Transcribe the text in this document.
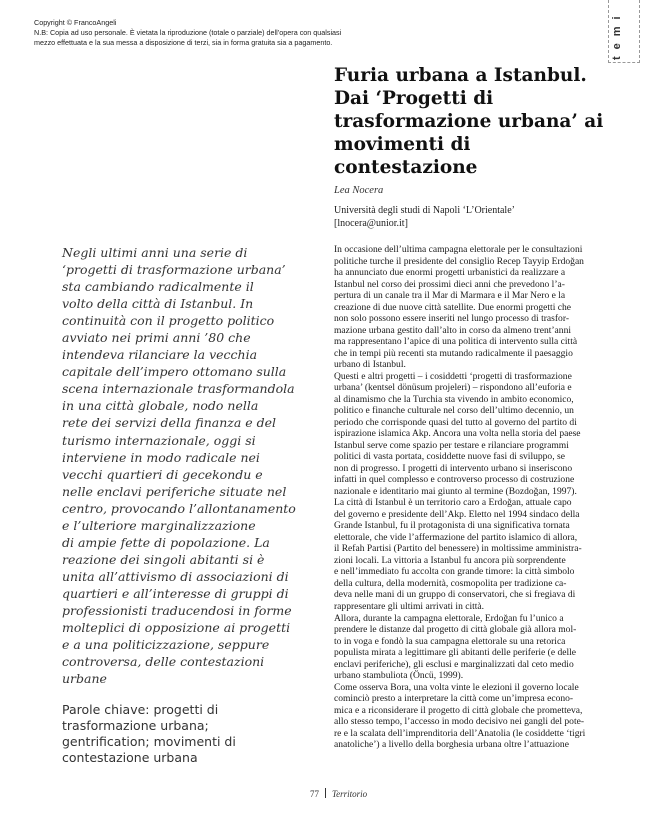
Copyright © FrancoAngeli
N.B: Copia ad uso personale. È vietata la riproduzione (totale o parziale) dell’opera con qualsiasi
mezzo effettuata e la sua messa a disposizione di terzi, sia in forma gratuita sia a pagamento.	temi
Furia urbana a Istanbul. Dai ‘Progetti di trasformazione urbana’ ai movimenti di contestazione
Lea Nocera
Università degli studi di Napoli ‘L’Orientale’
[lnocera@unior.it]
Negli ultimi anni una serie di
‘progetti di trasformazione urbana’
sta cambiando radicalmente il
volto della città di Istanbul. In
continuità con il progetto politico
avviato nei primi anni ’80 che
intendeva rilanciare la vecchia
capitale dell’impero ottomano sulla
scena internazionale trasformandola
in una città globale, nodo nella
rete dei servizi della finanza e del
turismo internazionale, oggi si
interviene in modo radicale nei
vecchi quartieri di gecekondu e
nelle enclavi periferiche situate nel
centro, provocando l’allontanamento
e l’ulteriore marginalizzazione
di ampie fette di popolazione. La
reazione dei singoli abitanti si è
unita all’attivismo di associazioni di
quartieri e all’interesse di gruppi di
professionisti traducendosi in forme
molteplici di opposizione ai progetti
e a una politicizzazione, seppure
controversa, delle contestazioni
urbane
Parole chiave: progetti di
trasformazione urbana;
gentrification; movimenti di
contestazione urbana
In occasione dell’ultima campagna elettorale per le consultazioni
politiche turche il presidente del consiglio Recep Tayyip Erdoğan
ha annunciato due enormi progetti urbanistici da realizzare a
Istanbul nel corso dei prossimi dieci anni che prevedono l’a-
pertura di un canale tra il Mar di Marmara e il Mar Nero e la
creazione di due nuove città satellite. Due enormi progetti che
non solo possono essere inseriti nel lungo processo di trasfor-
mazione urbana gestito dall’alto in corso da almeno trent’anni
ma rappresentano l’apice di una politica di intervento sulla città
che in tempi più recenti sta mutando radicalmente il paesaggio
urbano di Istanbul.
Questi e altri progetti – i cosiddetti ‘progetti di trasformazione
urbana’ (kentsel dönüsum projeleri) – rispondono all’euforia e
al dinamismo che la Turchia sta vivendo in ambito economico,
politico e finanche culturale nel corso dell’ultimo decennio, un
periodo che corrisponde quasi del tutto al governo del partito di
ispirazione islamica Akp. Ancora una volta nella storia del paese
Istanbul serve come spazio per testare e rilanciare programmi
politici di vasta portata, cosiddette nuove fasi di sviluppo, se
non di progresso. I progetti di intervento urbano si inseriscono
infatti in quel complesso e controverso processo di costruzione
nazionale e identitario mai giunto al termine (Bozdoğan, 1997).
La città di Istanbul è un territorio caro a Erdoğan, attuale capo
del governo e presidente dell’Akp. Eletto nel 1994 sindaco della
Grande Istanbul, fu il protagonista di una significativa tornata
elettorale, che vide l’affermazione del partito islamico di allora,
il Refah Partisi (Partito del benessere) in moltissime amministra-
zioni locali. La vittoria a Istanbul fu ancora più sorprendente
e nell’immediato fu accolta con grande timore: la città simbolo
della cultura, della modernità, cosmopolita per tradizione ca-
deva nelle mani di un gruppo di conservatori, che si fregiava di
rappresentare gli ultimi arrivati in città.
Allora, durante la campagna elettorale, Erdoğan fu l’unico a
prendere le distanze dal progetto di città globale già allora mol-
to in voga e fondò la sua campagna elettorale su una retorica
populista mirata a legittimare gli abitanti delle periferie (e delle
enclavi periferiche), gli esclusi e marginalizzati dal ceto medio
urbano stambuliota (Öncü, 1999).
Come osserva Bora, una volta vinte le elezioni il governo locale
cominciò presto a interpretare la città come un’impresa econo-
mica e a riconsiderare il progetto di città globale che prometteva,
allo stesso tempo, l’accesso in modo decisivo nei gangli del pote-
re e la scalata dell’imprenditoria dell’Anatolia (le cosiddette ‘tigri
anatoliche’) a livello della borghesia urbana oltre l’attuazione
77 Territorio
